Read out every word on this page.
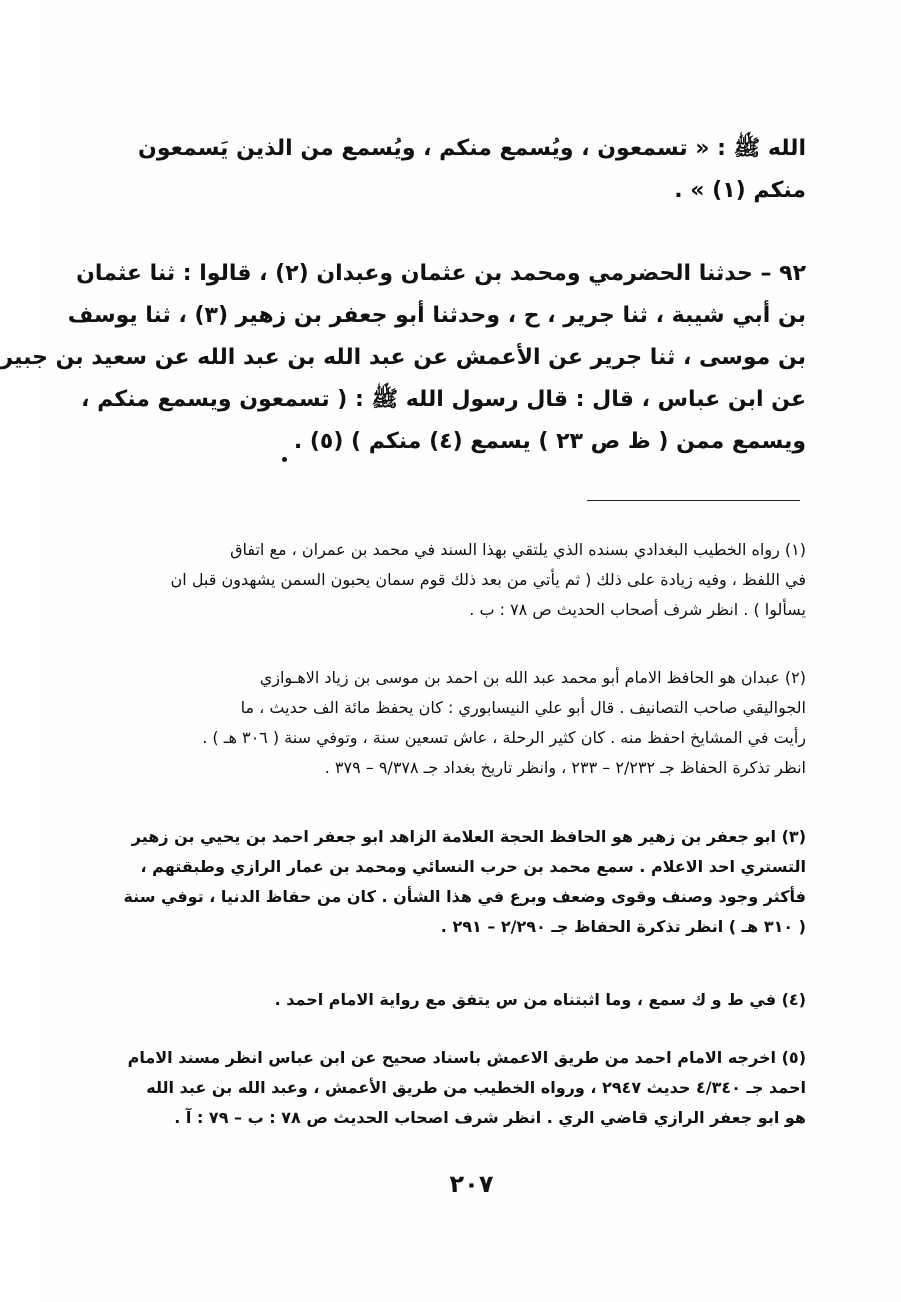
الله ﷺ : « تسمعون ، ويُسمع منكم ، ويُسمع من الذين يَسمعون
منكم (١) » .
٩٢ – حدثنا الحضرمي ومحمد بن عثمان وعبدان (٢) ، قالوا : ثنا عثمان
بن أبي شيبة ، ثنا جرير ، ح ، وحدثنا أبو جعفر بن زهير (٣) ، ثنا يوسف
بن موسى ، ثنا جرير عن الأعمش عن عبد الله بن عبد الله عن سعيد بن جبير
عن ابن عباس ، قال : قال رسول الله ﷺ : ( تسمعون ويسمع منكم ،
ويسمع ممن ( ظ ص ٢٣ ) يسمع (٤) منكم ) (٥) .
(١) رواه الخطيب البغدادي بسنده الذي يلتقي بهذا السند في محمد بن عمران ، مع اتفاق
في اللفظ ، وفيه زيادة على ذلك ( ثم يأتي من بعد ذلك قوم سمان يحبون السمن يشهدون قبل ان
يسألوا ) . انظر شرف أصحاب الحديث ص ٧٨ : ب .
(٢) عبدان هو الحافظ الامام أبو محمد عبد الله بن احمد بن موسى بن زياد الاهـوازي
الجواليقي صاحب التصانيف . قال أبو علي النيسابوري : كان يحفظ مائة الف حديث ، ما
رأيت في المشايخ احفظ منه . كان كثير الرحلة ، عاش تسعين سنة ، وتوفي سنة ( ٣٠٦ هـ ) .
انظر تذكرة الحفاظ جـ ٢/٢٣٢ – ٢٣٣ ، وانظر تاريخ بغداد جـ ٩/٣٧٨ – ٣٧٩ .
(٣) ابو جعفر بن زهير هو الحافظ الحجة العلامة الزاهد ابو جعفر احمد بن يحيي بن زهير
التستري احد الاعلام . سمع محمد بن حرب النسائي ومحمد بن عمار الرازي وطبقتهم ،
فأكثر وجود وصنف وقوى وضعف وبرع في هذا الشأن . كان من حفاظ الدنيا ، توفي سنة
( ٣١٠ هـ ) انظر تذكرة الحفاظ جـ ٢/٢٩٠ – ٢٩١ .
(٤) في ط و ك سمع ، وما اثبتناه من س يتفق مع رواية الامام احمد .
(٥) اخرجه الامام احمد من طريق الاعمش باسناد صحيح عن ابن عباس انظر مسند الامام
احمد جـ ٤/٣٤٠ حديث ٢٩٤٧ ، ورواه الخطيب من طريق الأعمش ، وعبد الله بن عبد الله
هو ابو جعفر الرازي قاضي الري . انظر شرف اصحاب الحديث ص ٧٨ : ب – ٧٩ : آ .
٢٠٧
